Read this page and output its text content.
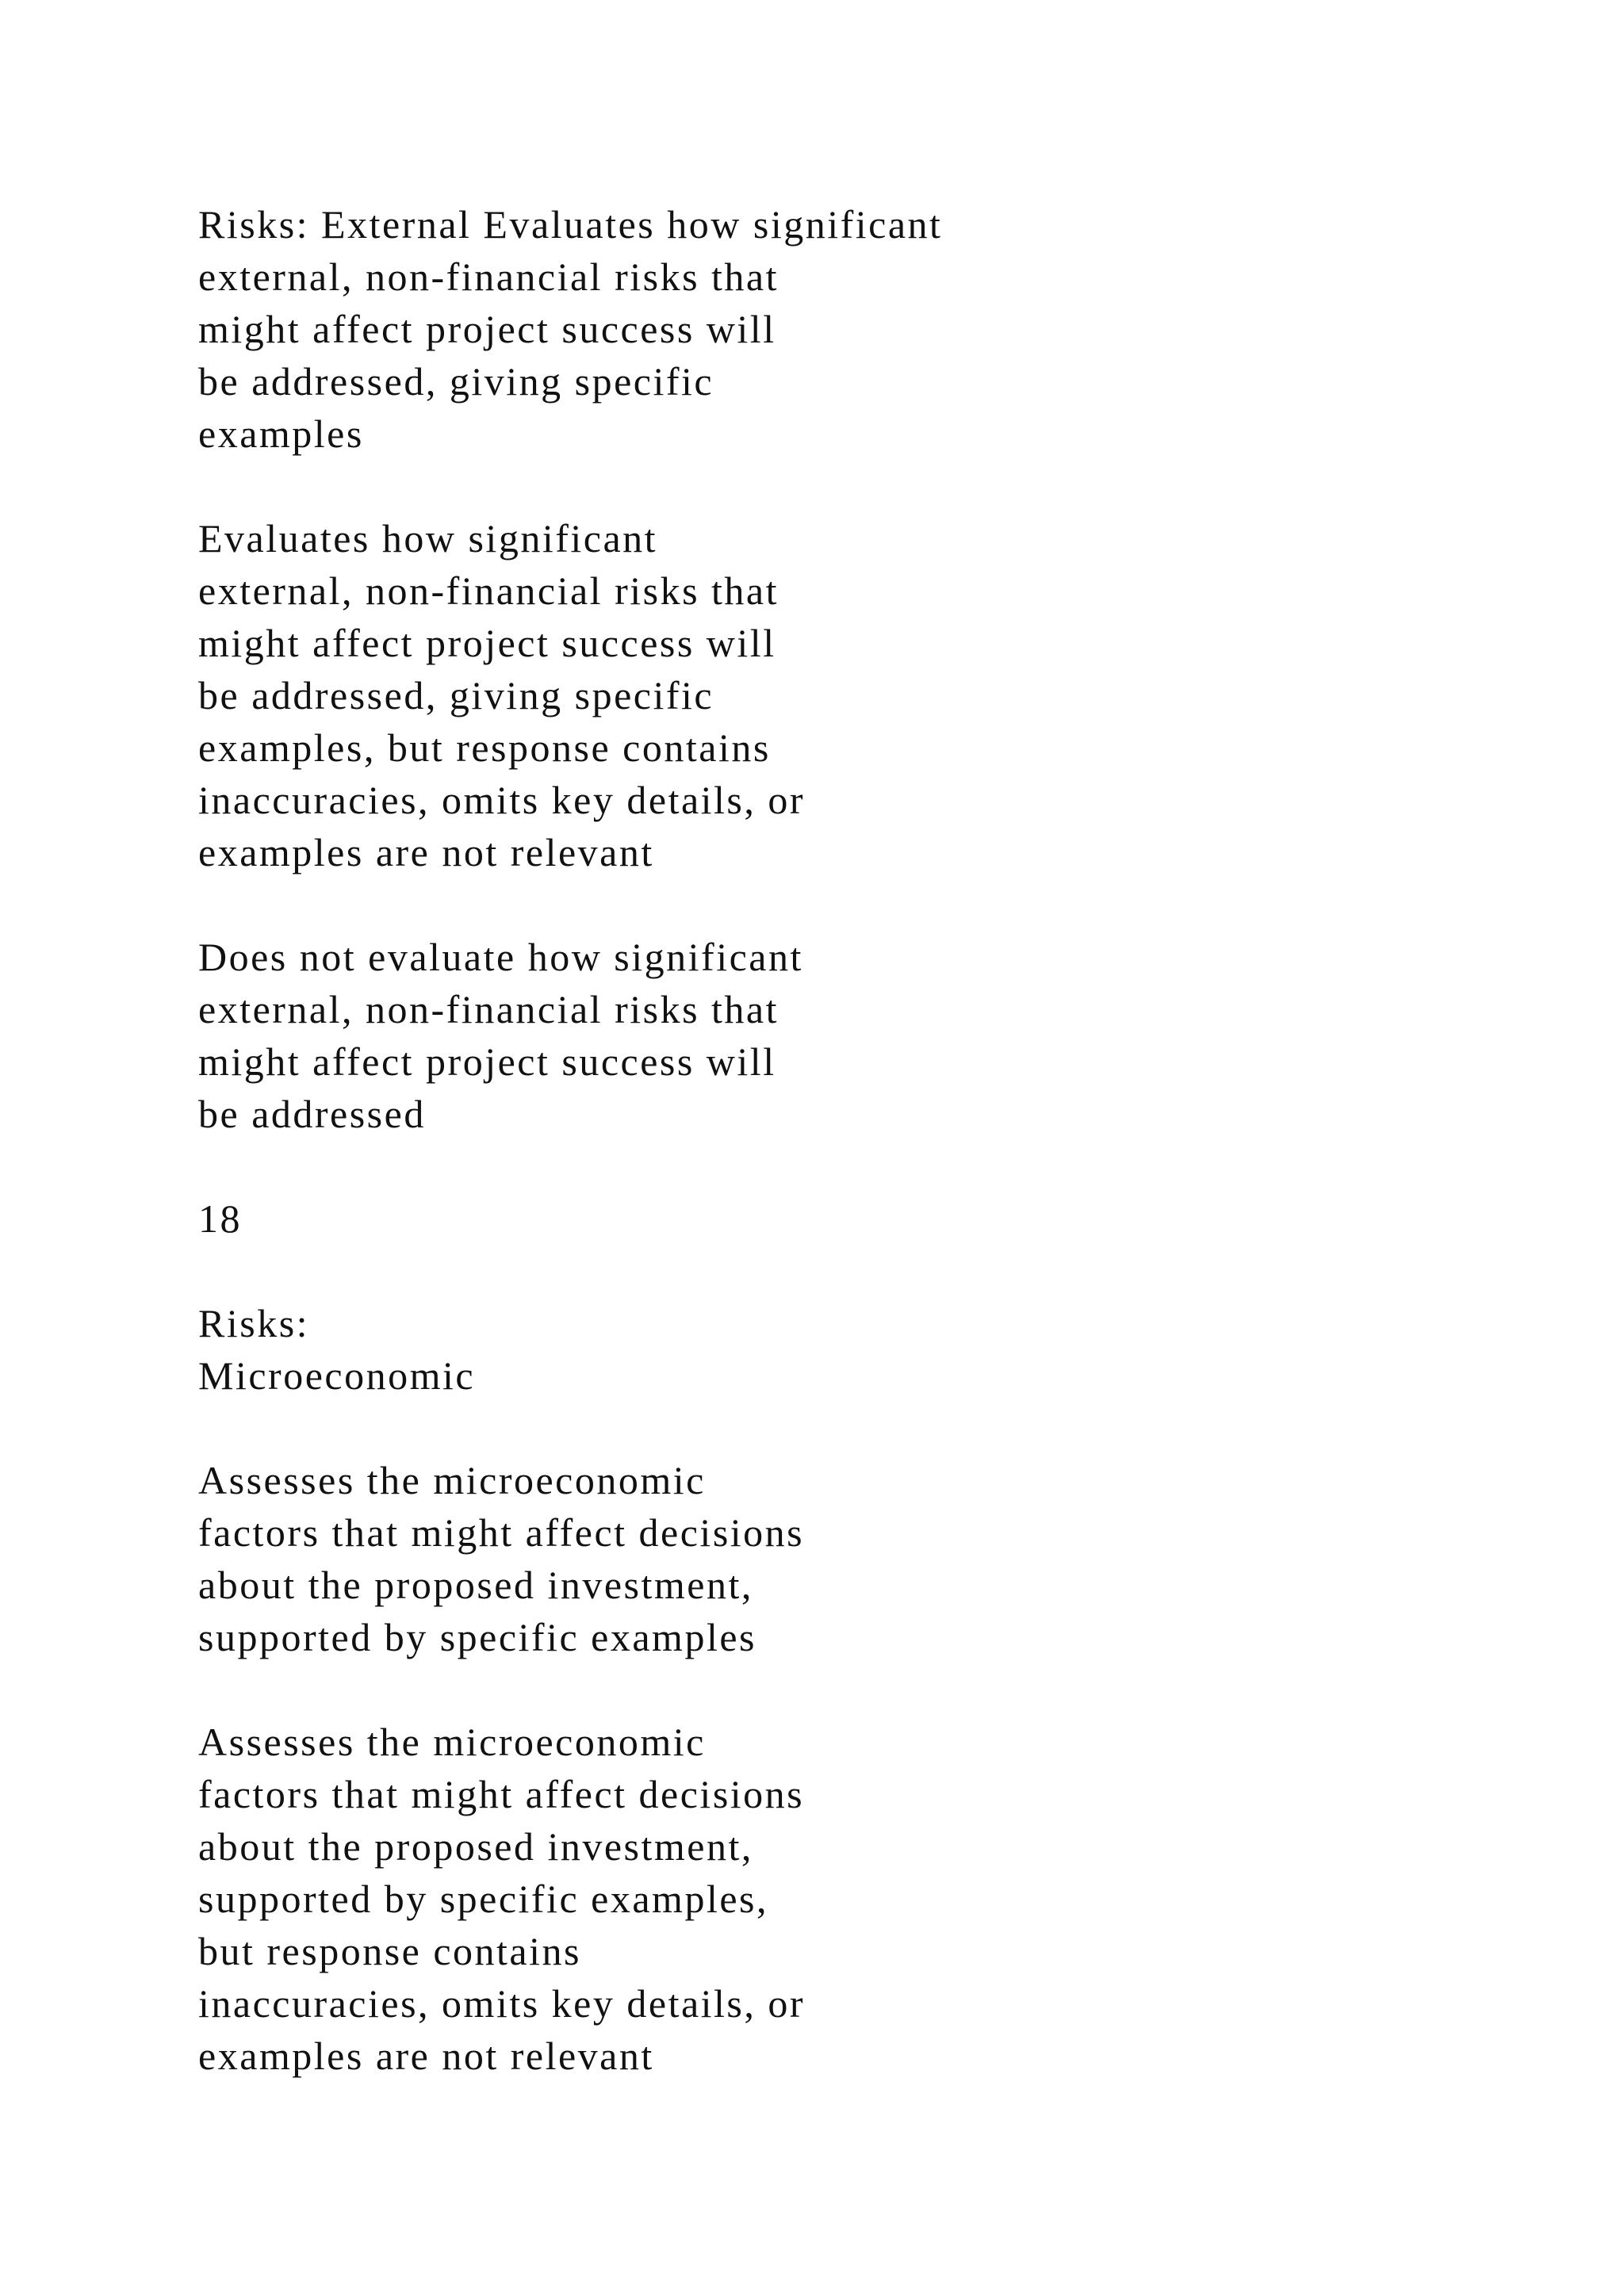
Risks: External Evaluates how significant
external, non-financial risks that
might affect project success will
be addressed, giving specific
examples
Evaluates how significant
external, non-financial risks that
might affect project success will
be addressed, giving specific
examples, but response contains
inaccuracies, omits key details, or
examples are not relevant
Does not evaluate how significant
external, non-financial risks that
might affect project success will
be addressed
18
Risks:
Microeconomic
Assesses the microeconomic
factors that might affect decisions
about the proposed investment,
supported by specific examples
Assesses the microeconomic
factors that might affect decisions
about the proposed investment,
supported by specific examples,
but response contains
inaccuracies, omits key details, or
examples are not relevant
